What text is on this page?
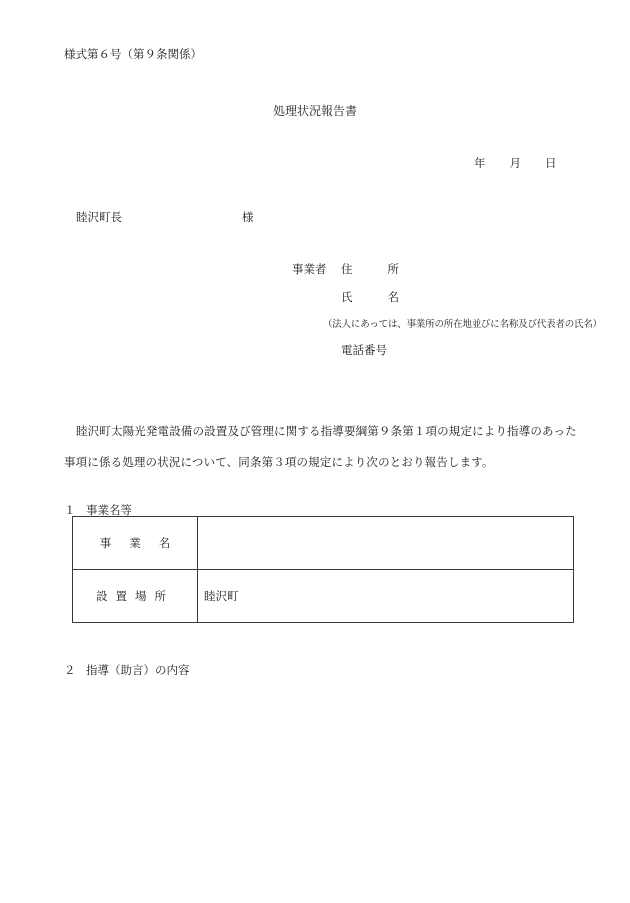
様式第６号（第９条関係）
処理状況報告書
年 月 日
睦沢町長	様
事業者 住	所
氏	名
（法人にあっては、事業所の所在地並びに名称及び代表者の氏名）
電話番号
睦沢町太陽光発電設備の設置及び管理に関する指導要綱第９条第１項の規定により指導のあった事項に係る処理の状況について、同条第３項の規定により次のとおり報告します。
１ 事業名等
事業名	
設置場所	睦沢町
２ 指導（助言）の内容
